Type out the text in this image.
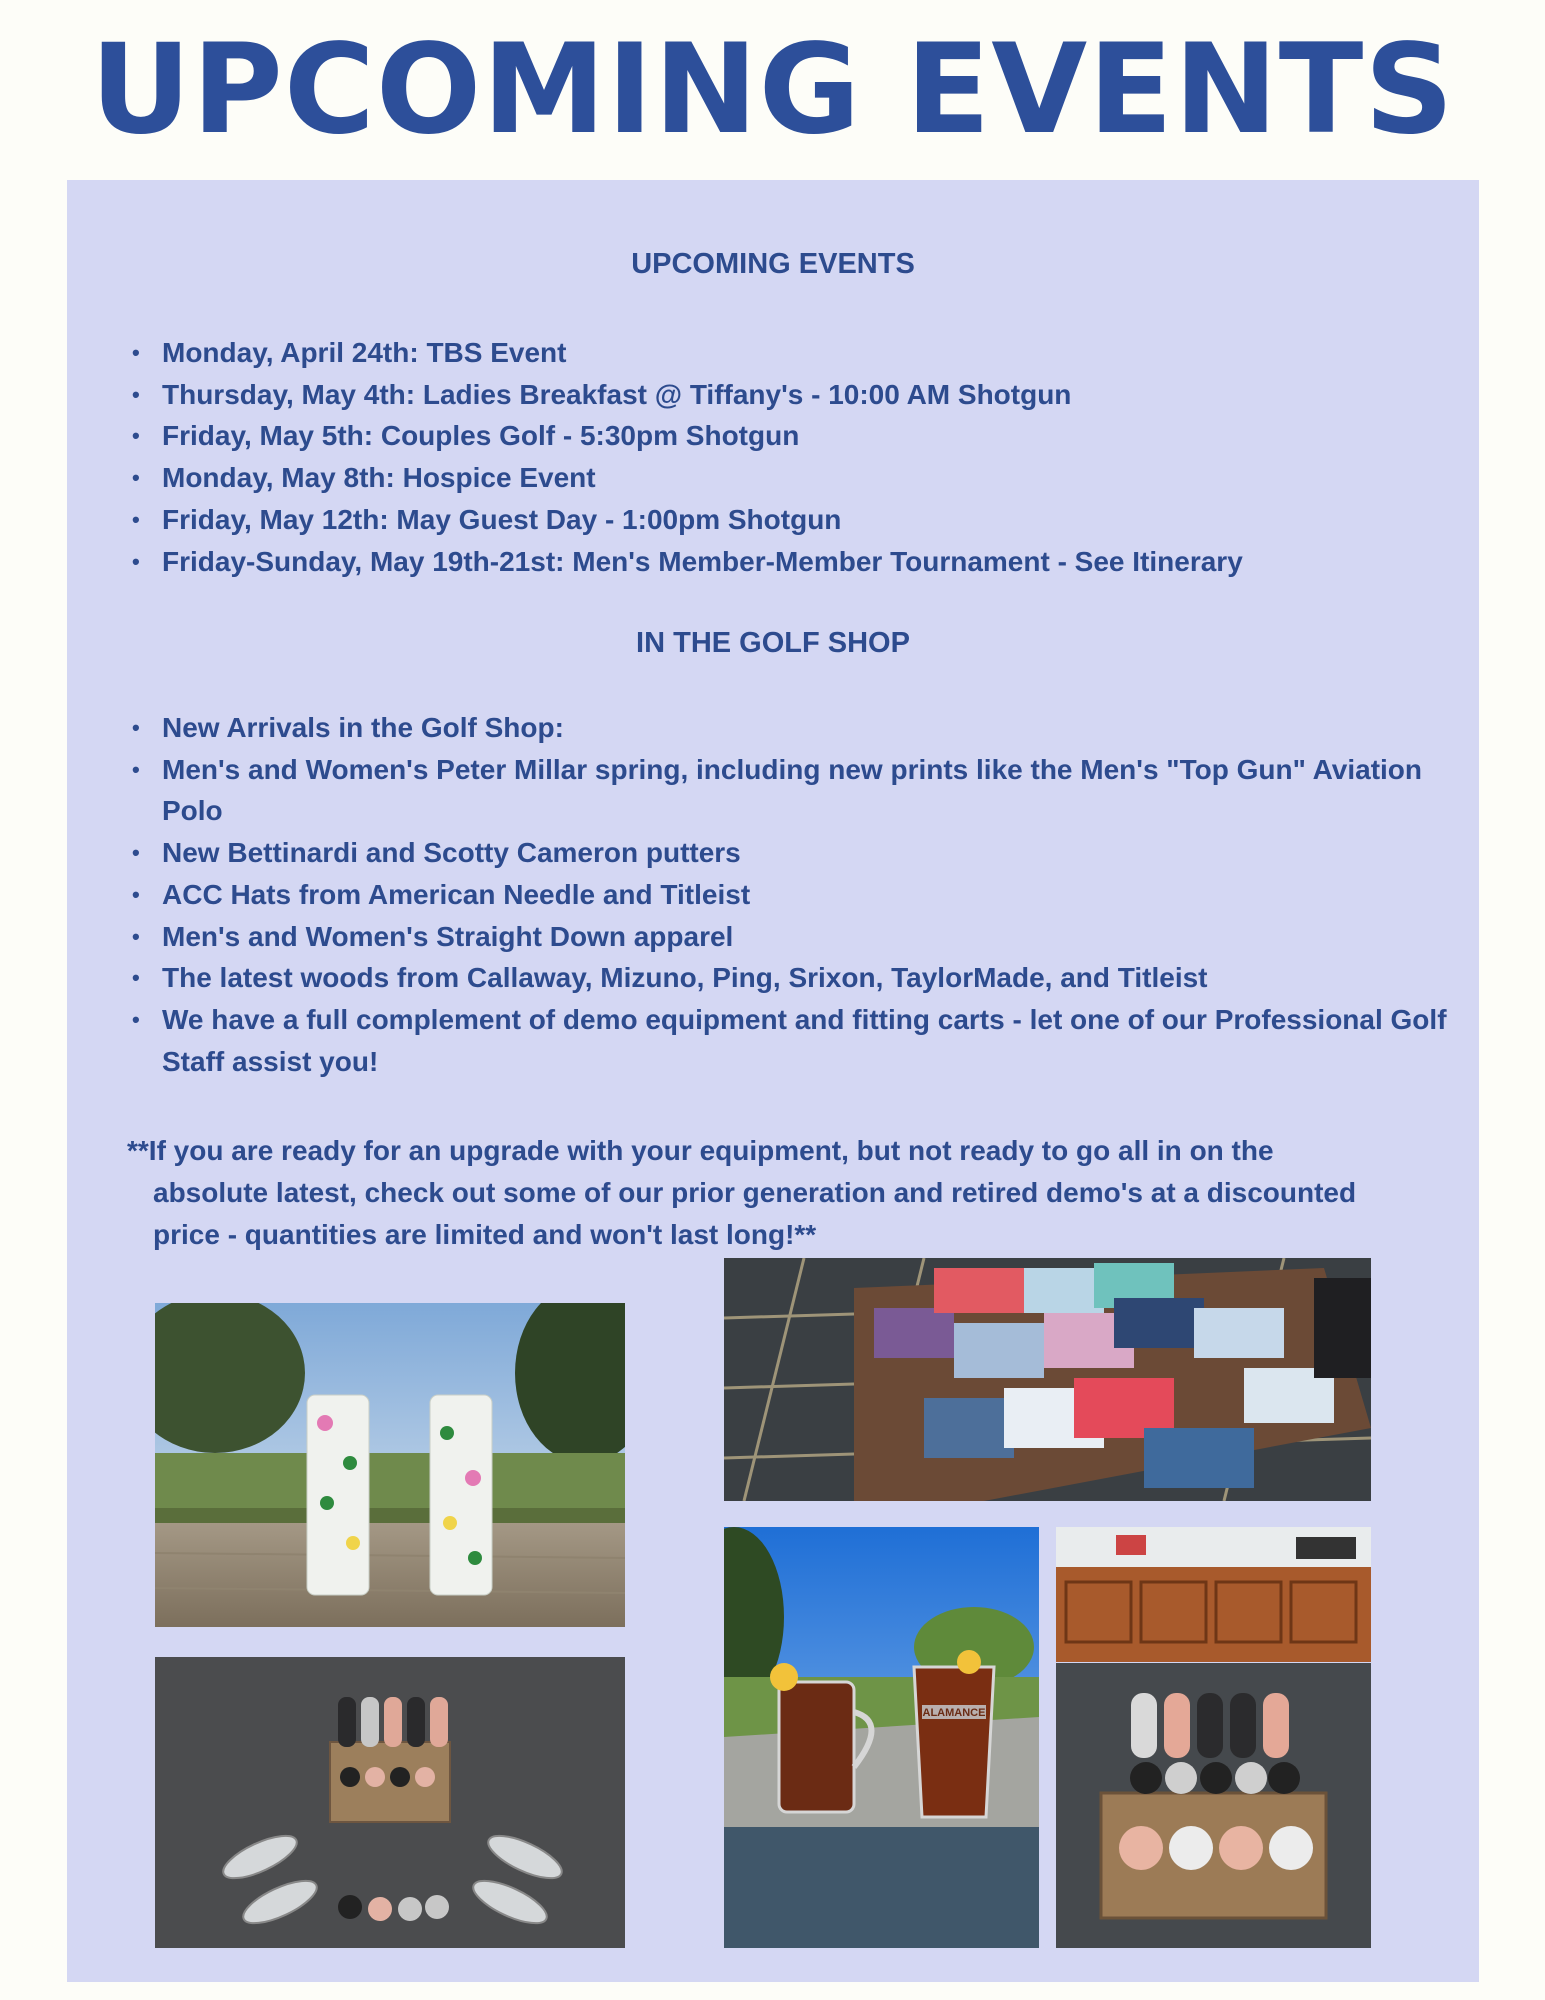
UPCOMING EVENTS
UPCOMING EVENTS
• Monday, April 24th: TBS Event
• Thursday, May 4th: Ladies Breakfast @ Tiffany's - 10:00 AM Shotgun
• Friday, May 5th: Couples Golf - 5:30pm Shotgun
• Monday, May 8th: Hospice Event
• Friday, May 12th: May Guest Day - 1:00pm Shotgun
• Friday-Sunday, May 19th-21st: Men's Member-Member Tournament - See Itinerary
IN THE GOLF SHOP
• New Arrivals in the Golf Shop:
• Men's and Women's Peter Millar spring, including new prints like the Men's "Top Gun" Aviation Polo
• New Bettinardi and Scotty Cameron putters
• ACC Hats from American Needle and Titleist
• Men's and Women's Straight Down apparel
• The latest woods from Callaway, Mizuno, Ping, Srixon, TaylorMade, and Titleist
• We have a full complement of demo equipment and fitting carts - let one of our Professional Golf Staff assist you!

**If you are ready for an upgrade with your equipment, but not ready to go all in on the
absolute latest, check out some of our prior generation and retired demo's at a discounted
price - quantities are limited and won't last long!**

ALAMANCE
